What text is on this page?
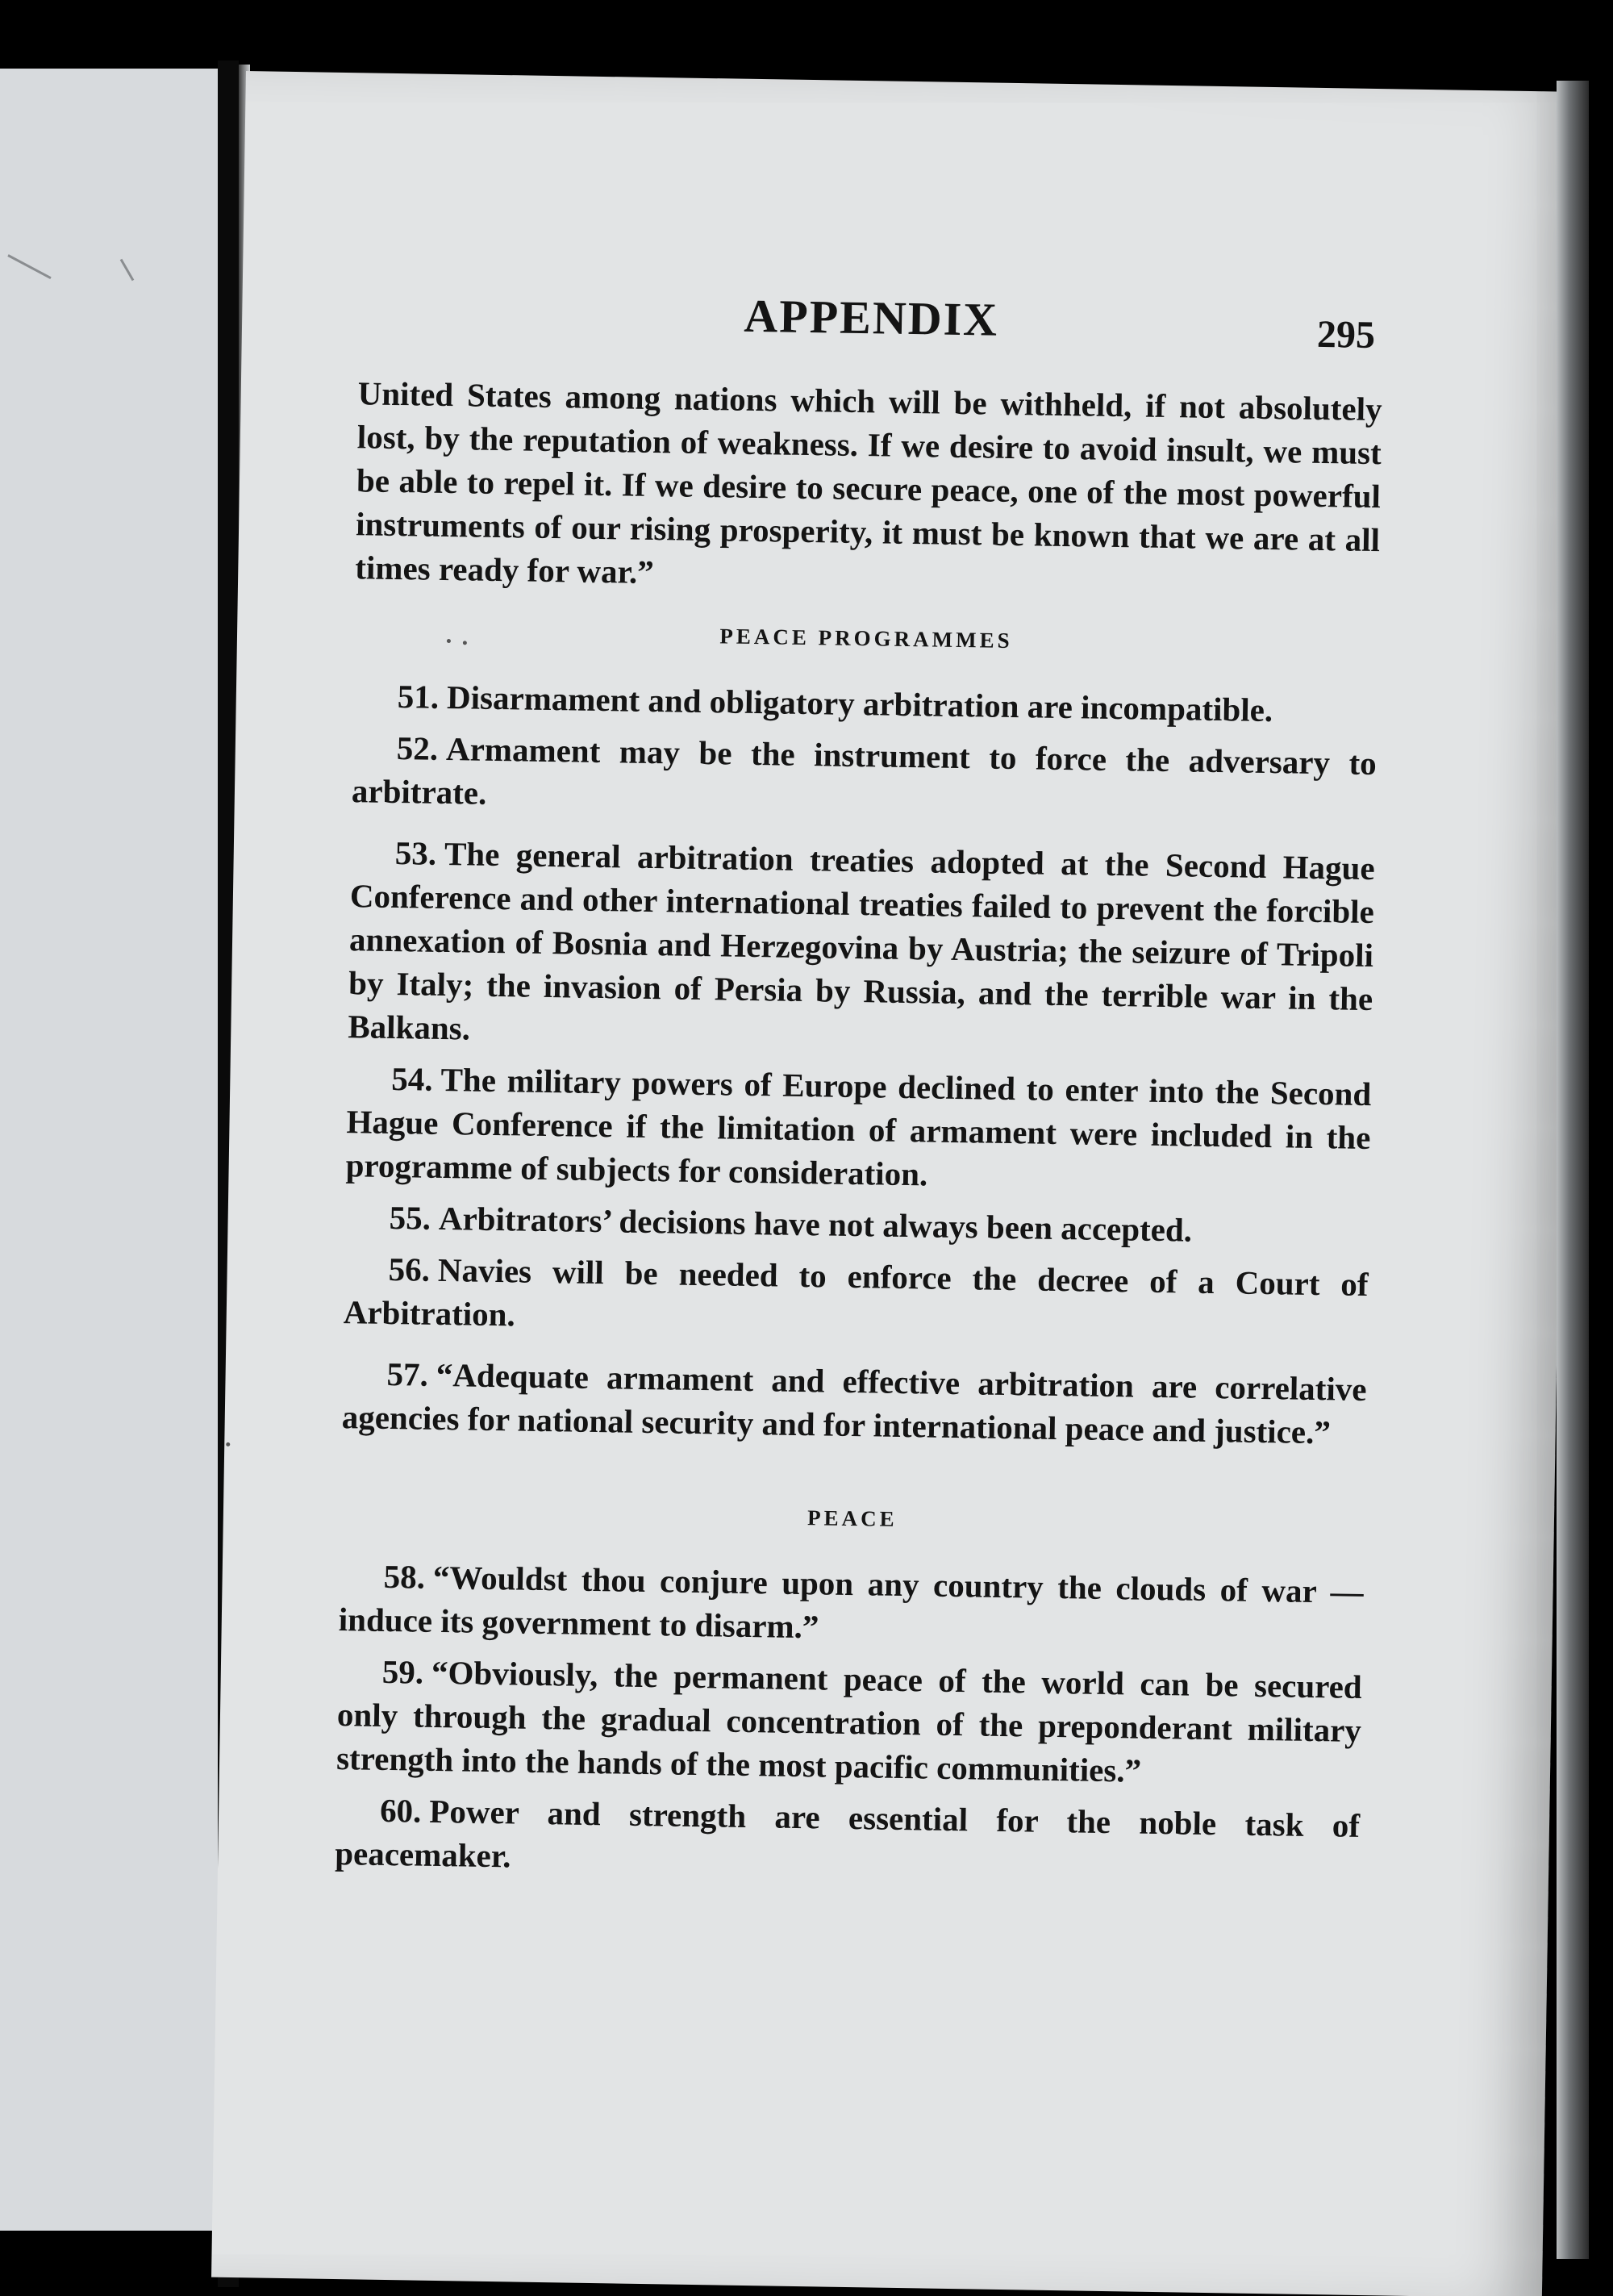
APPENDIX	295

United States among nations which will be withheld, if not absolutely lost, by the reputation of weakness. If we desire to avoid insult, we must be able to repel it. If we desire to secure peace, one of the most powerful instruments of our rising prosperity, it must be known that we are at all times ready for war.”

PEACE PROGRAMMES

51. Disarmament and obligatory arbitration are incompatible.

52. Armament may be the instrument to force the adversary to arbitrate.

53. The general arbitration treaties adopted at the Second Hague Conference and other international treaties failed to prevent the forcible annexation of Bosnia and Herzegovina by Austria; the seizure of Tripoli by Italy; the invasion of Persia by Russia, and the terrible war in the Balkans.

54. The military powers of Europe declined to enter into the Second Hague Conference if the limitation of armament were included in the programme of subjects for consideration.

55. Arbitrators’ decisions have not always been accepted.

56. Navies will be needed to enforce the decree of a Court of Arbitration.

57. “Adequate armament and effective arbitration are correlative agencies for national security and for international peace and justice.”

PEACE

58. “Wouldst thou conjure upon any country the clouds of war — induce its government to disarm.”

59. “Obviously, the permanent peace of the world can be secured only through the gradual concentration of the preponderant military strength into the hands of the most pacific communities.”

60. Power and strength are essential for the noble task of peacemaker.
